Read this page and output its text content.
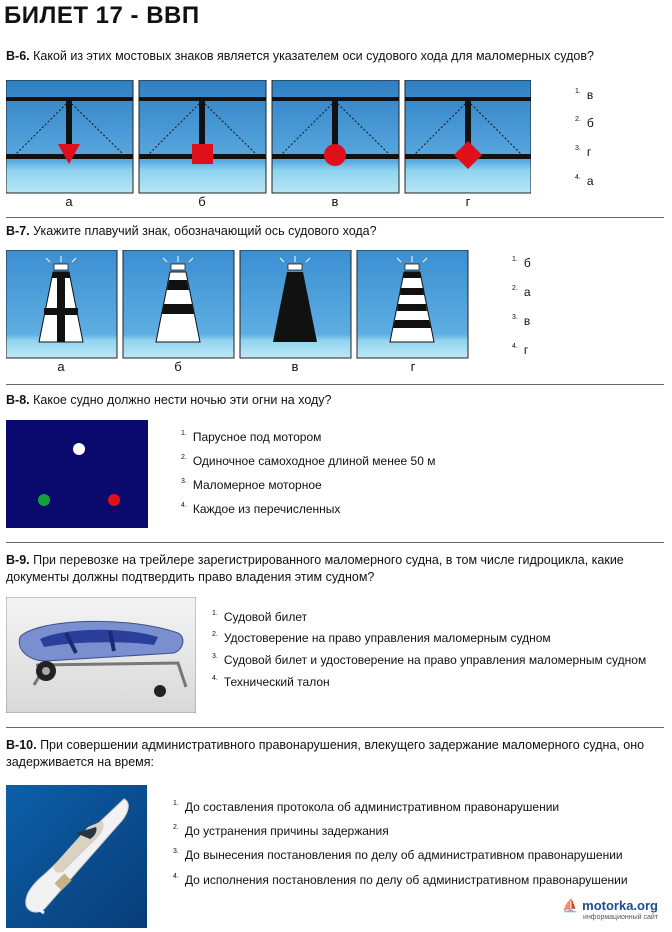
БИЛЕТ 17 - ВВП
В-6. Какой из этих мостовых знаков является указателем оси судового хода для маломерных судов?
а	б	в	г
$^{1.}$ в
$^{2.}$ б
$^{3.}$ г
$^{4.}$ а
В-7. Укажите плавучий знак, обозначающий ось судового хода?
а	б	в	г
$^{1.}$ б
$^{2.}$ а
$^{3.}$ в
$^{4.}$ г
В-8. Какое судно должно нести ночью эти огни на ходу?
$^{1.}$ Парусное под мотором
$^{2.}$ Одиночное самоходное длиной менее 50 м
$^{3.}$ Маломерное моторное
$^{4.}$ Каждое из перечисленных
В-9. При перевозке на трейлере зарегистрированного маломерного судна, в том числе гидроцикла, какие документы должны подтвердить право владения этим судном?
$^{1.}$ Судовой билет
$^{2.}$ Удостоверение на право управления маломерным судном
$^{3.}$ Судовой билет и удостоверение на право управления маломерным судном
$^{4.}$ Технический талон
В-10. При совершении административного правонарушения, влекущего задержание маломерного судна, оно задерживается на время:
$^{1.}$ До составления протокола об административном правонарушении
$^{2.}$ До устранения причины задержания
$^{3.}$ До вынесения постановления по делу об административном правонарушении
$^{4.}$ До исполнения постановления по делу об административном правонарушении
⛵ motorka.org
информационный сайт
